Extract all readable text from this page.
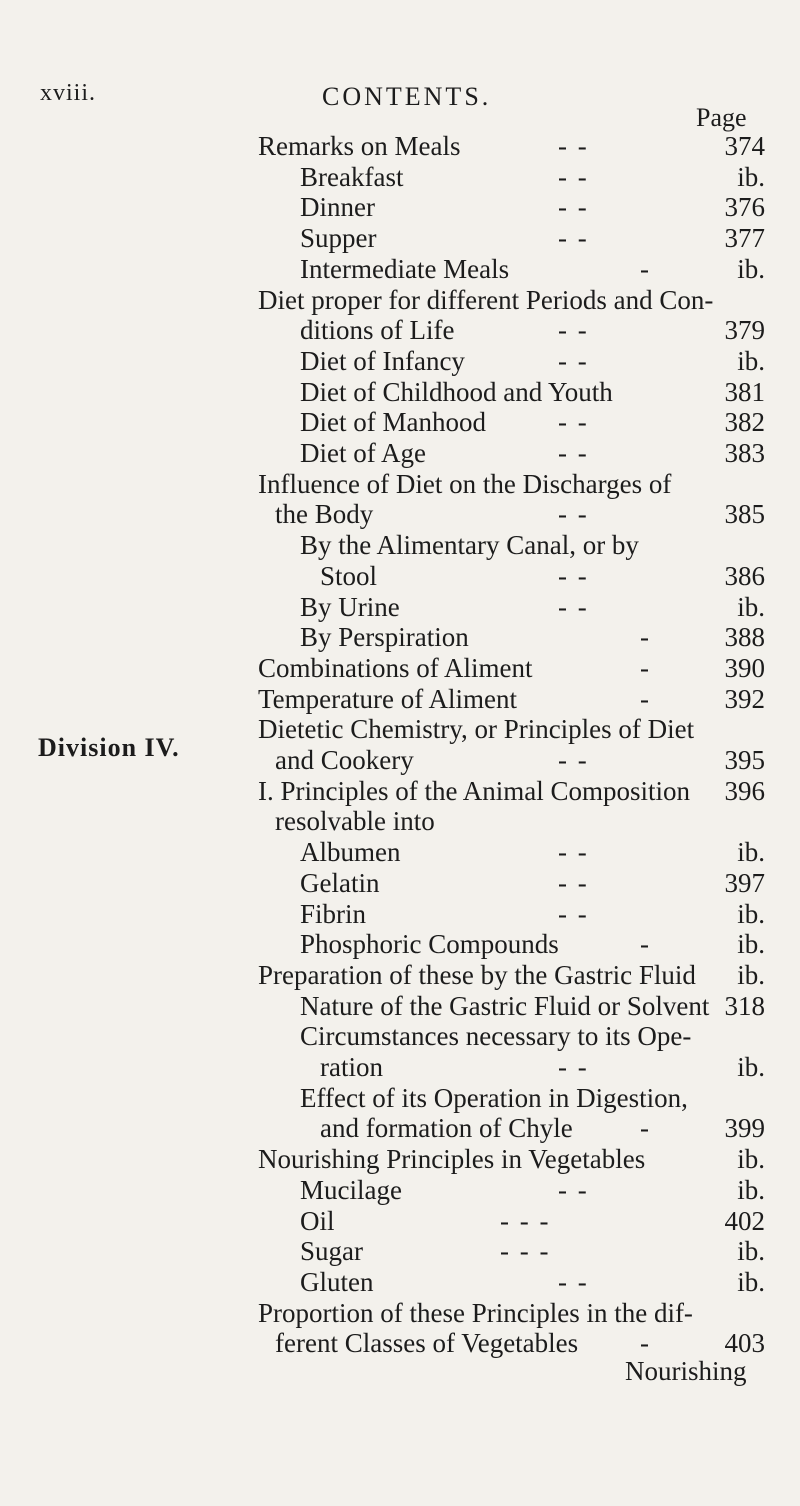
xviii.	CONTENTS.
Page
Division IV.
Remarks on Meals	- -	374
Breakfast	- -	ib.
Dinner	- -	376
Supper	- -	377
Intermediate Meals	-	ib.
Diet proper for different Periods and Con-
ditions of Life	- -	379
Diet of Infancy	- -	ib.
Diet of Childhood and Youth	381
Diet of Manhood	- -	382
Diet of Age	- -	383
Influence of Diet on the Discharges of
the Body	- -	385
By the Alimentary Canal, or by
Stool	- -	386
By Urine	- -	ib.
By Perspiration	-	388
Combinations of Aliment	-	390
Temperature of Aliment	-	392
Dietetic Chemistry, or Principles of Diet
and Cookery	- -	395
I. Principles of the Animal Composition 396
resolvable into
Albumen	- -	ib.
Gelatin	- -	397
Fibrin	- -	ib.
Phosphoric Compounds	-	ib.
Preparation of these by the Gastric Fluid ib.
Nature of the Gastric Fluid or Solvent 318
Circumstances necessary to its Ope-
ration	- -	ib.
Effect of its Operation in Digestion,
and formation of Chyle -	399
Nourishing Principles in Vegetables	ib.
Mucilage	- -	ib.
Oil	- - -	402
Sugar	- - -	ib.
Gluten	- -	ib.
Proportion of these Principles in the dif-
ferent Classes of Vegetables -	403
Nourishing
